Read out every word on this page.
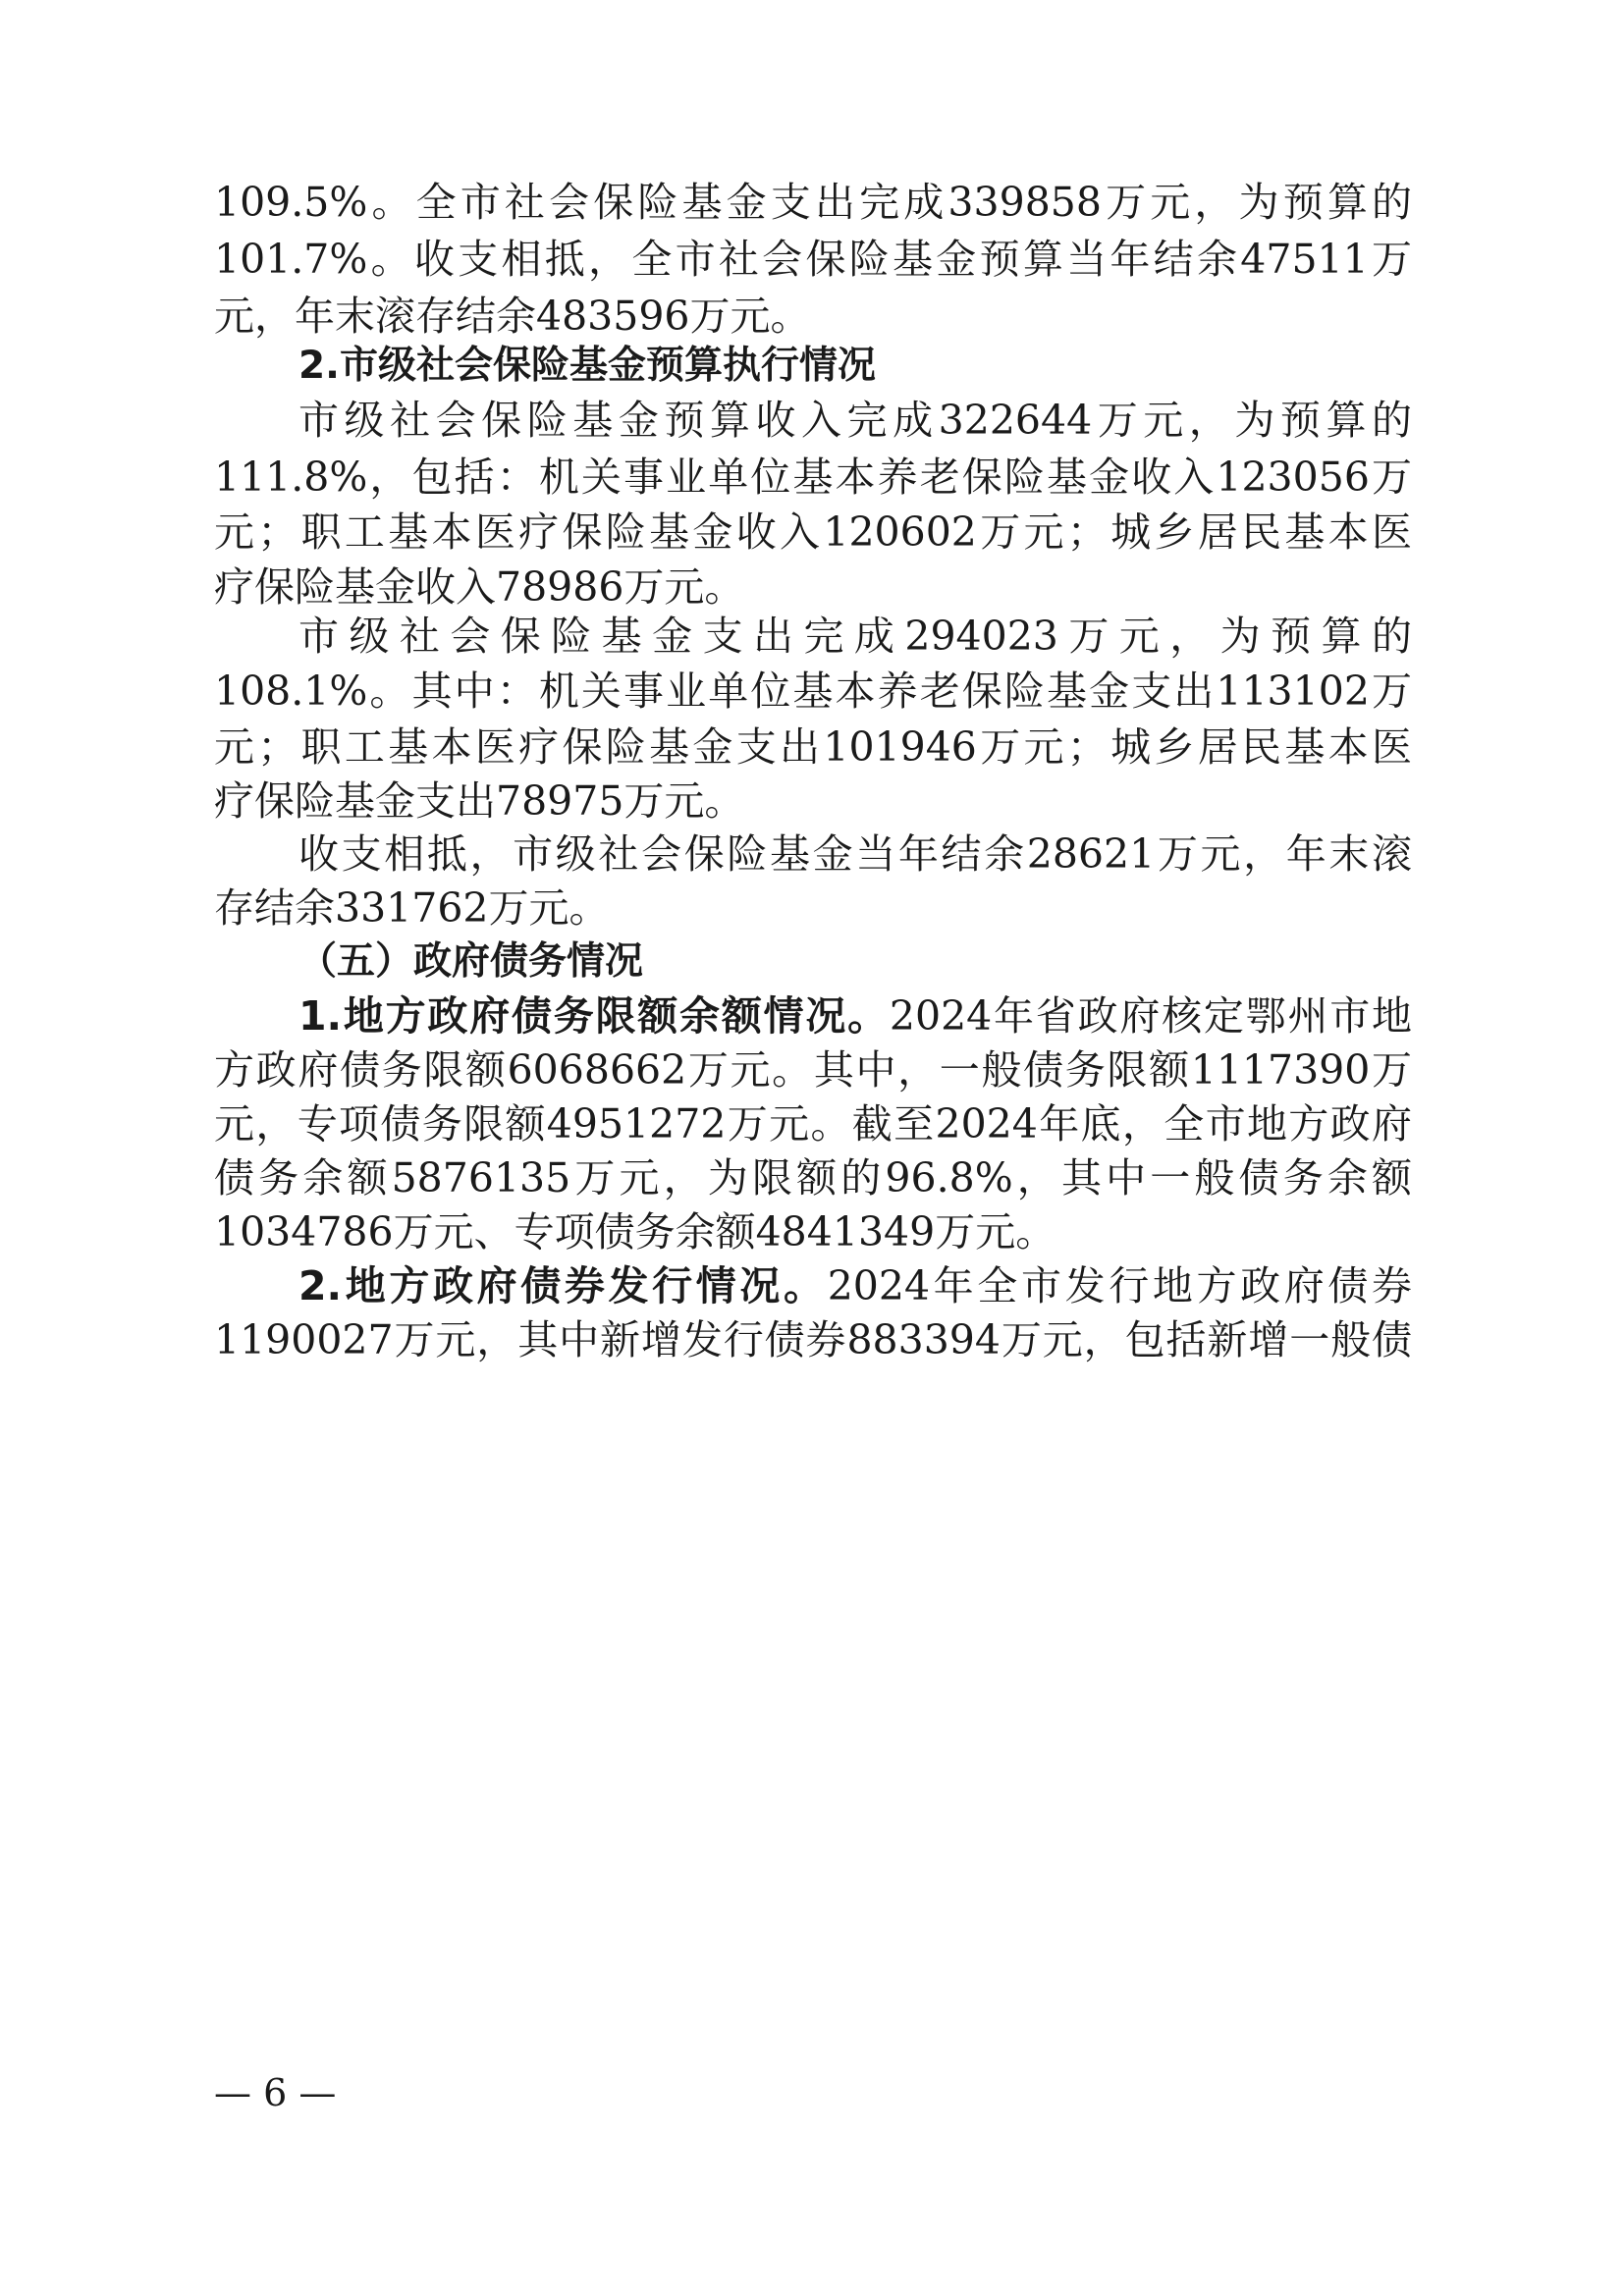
109.5%。全市社会保险基金支出完成339858万元，为预算的
101.7%。收支相抵，全市社会保险基金预算当年结余47511万
元，年末滚存结余483596万元。
2.市级社会保险基金预算执行情况
市级社会保险基金预算收入完成322644万元，为预算的
111.8%，包括：机关事业单位基本养老保险基金收入123056万
元；职工基本医疗保险基金收入120602万元；城乡居民基本医
疗保险基金收入78986万元。
市级社会保险基金支出完成294023万元，为预算的
108.1%。其中：机关事业单位基本养老保险基金支出113102万
元；职工基本医疗保险基金支出101946万元；城乡居民基本医
疗保险基金支出78975万元。
收支相抵，市级社会保险基金当年结余28621万元，年末滚
存结余331762万元。
（五）政府债务情况
1.地方政府债务限额余额情况。2024年省政府核定鄂州市地
方政府债务限额6068662万元。其中，一般债务限额1117390万
元，专项债务限额4951272万元。截至2024年底，全市地方政府
债务余额5876135万元，为限额的96.8%，其中一般债务余额
1034786万元、专项债务余额4841349万元。
2.地方政府债券发行情况。2024年全市发行地方政府债券
1190027万元，其中新增发行债券883394万元，包括新增一般债
— 6 —
